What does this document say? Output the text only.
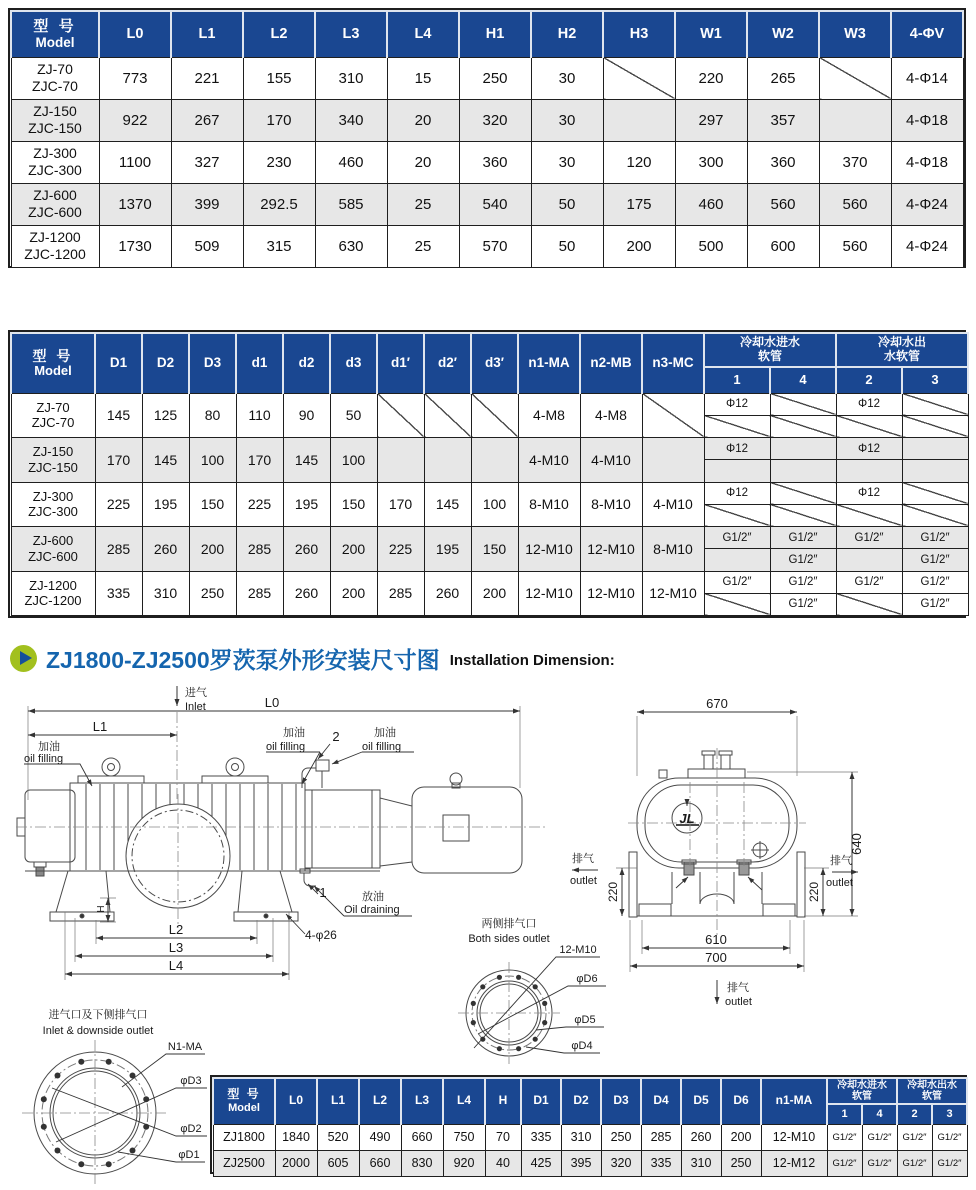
型 号
Model	L0	L1	L2	L3	L4	H1	H2	H3	W1	W2	W3	4-ΦV

ZJ-70
ZJC-70	773	221	155	310	15	250	30		220	265		4-Φ14

ZJ-150
ZJC-150	922	267	170	340	20	320	30		297	357		4-Φ18

ZJ-300
ZJC-300	1100	327	230	460	20	360	30	120	300	360	370	4-Φ18

ZJ-600
ZJC-600	1370	399	292.5	585	25	540	50	175	460	560	560	4-Φ24

ZJ-1200
ZJC-1200	1730	509	315	630	25	570	50	200	500	600	560	4-Φ24
型 号
Model	D1	D2	D3	d1	d2	d3	d1′	d2′	d3′	n1-MA	n2-MB	n3-MC	
冷却水进水
软管

冷却水出
水软管

													1	4	2	3

ZJ-70
ZJC-70	145	125	80	110	90	50				4-M8	4-M8		Φ12		Φ12	

ZJ-150
ZJC-150	170	145	100	170	145	100				4-M10	4-M10		Φ12		Φ12	

ZJ-300
ZJC-300	225	195	150	225	195	150	170	145	100	8-M10	8-M10	4-M10	Φ12		Φ12	

ZJ-600
ZJC-600	285	260	200	285	260	200	225	195	150	12-M10	12-M10	8-M10	G1/2″	G1/2″	G1/2″	G1/2″
														G1/2″		G1/2″

ZJ-1200
ZJC-1200	335	310	250	285	260	200	285	260	200	12-M10	12-M10	12-M10	G1/2″	G1/2″	G1/2″	G1/2″
														G1/2″		G1/2″
ZJ1800-ZJ2500罗茨泵外形安装尺寸图 Installation Dimension:
进气
Inlet	L0
L1
加油
oil filling
加油
oil filling
2	加油
oil filling
1	放油
Oil draining
4-φ26
L2
L3
L4
H
670
640
220	220
排气
outlet
排气
outlet
610
700
排气
outlet
JL
两侧排气口
Both sides outlet
12-M10
φD6
φD5
φD4
进气口及下侧排气口
Inlet & downside outlet
N1-MA
φD3
φD2
φD1
型 号
Model
	L0	L1	L2	L3	L4	H	D1	D2	D3	D4	D5	D6	n1-MA	
冷却水进水
软管

冷却水出水
软管

														1	4	2	3

ZJ1800	1840	520	490	660	750	70	335	310	250	285	260	200	12-M10	G1/2″	G1/2″	G1/2″	G1/2″

ZJ2500	2000	605	660	830	920	40	425	395	320	335	310	250	12-M12	G1/2″	G1/2″	G1/2″	G1/2″
